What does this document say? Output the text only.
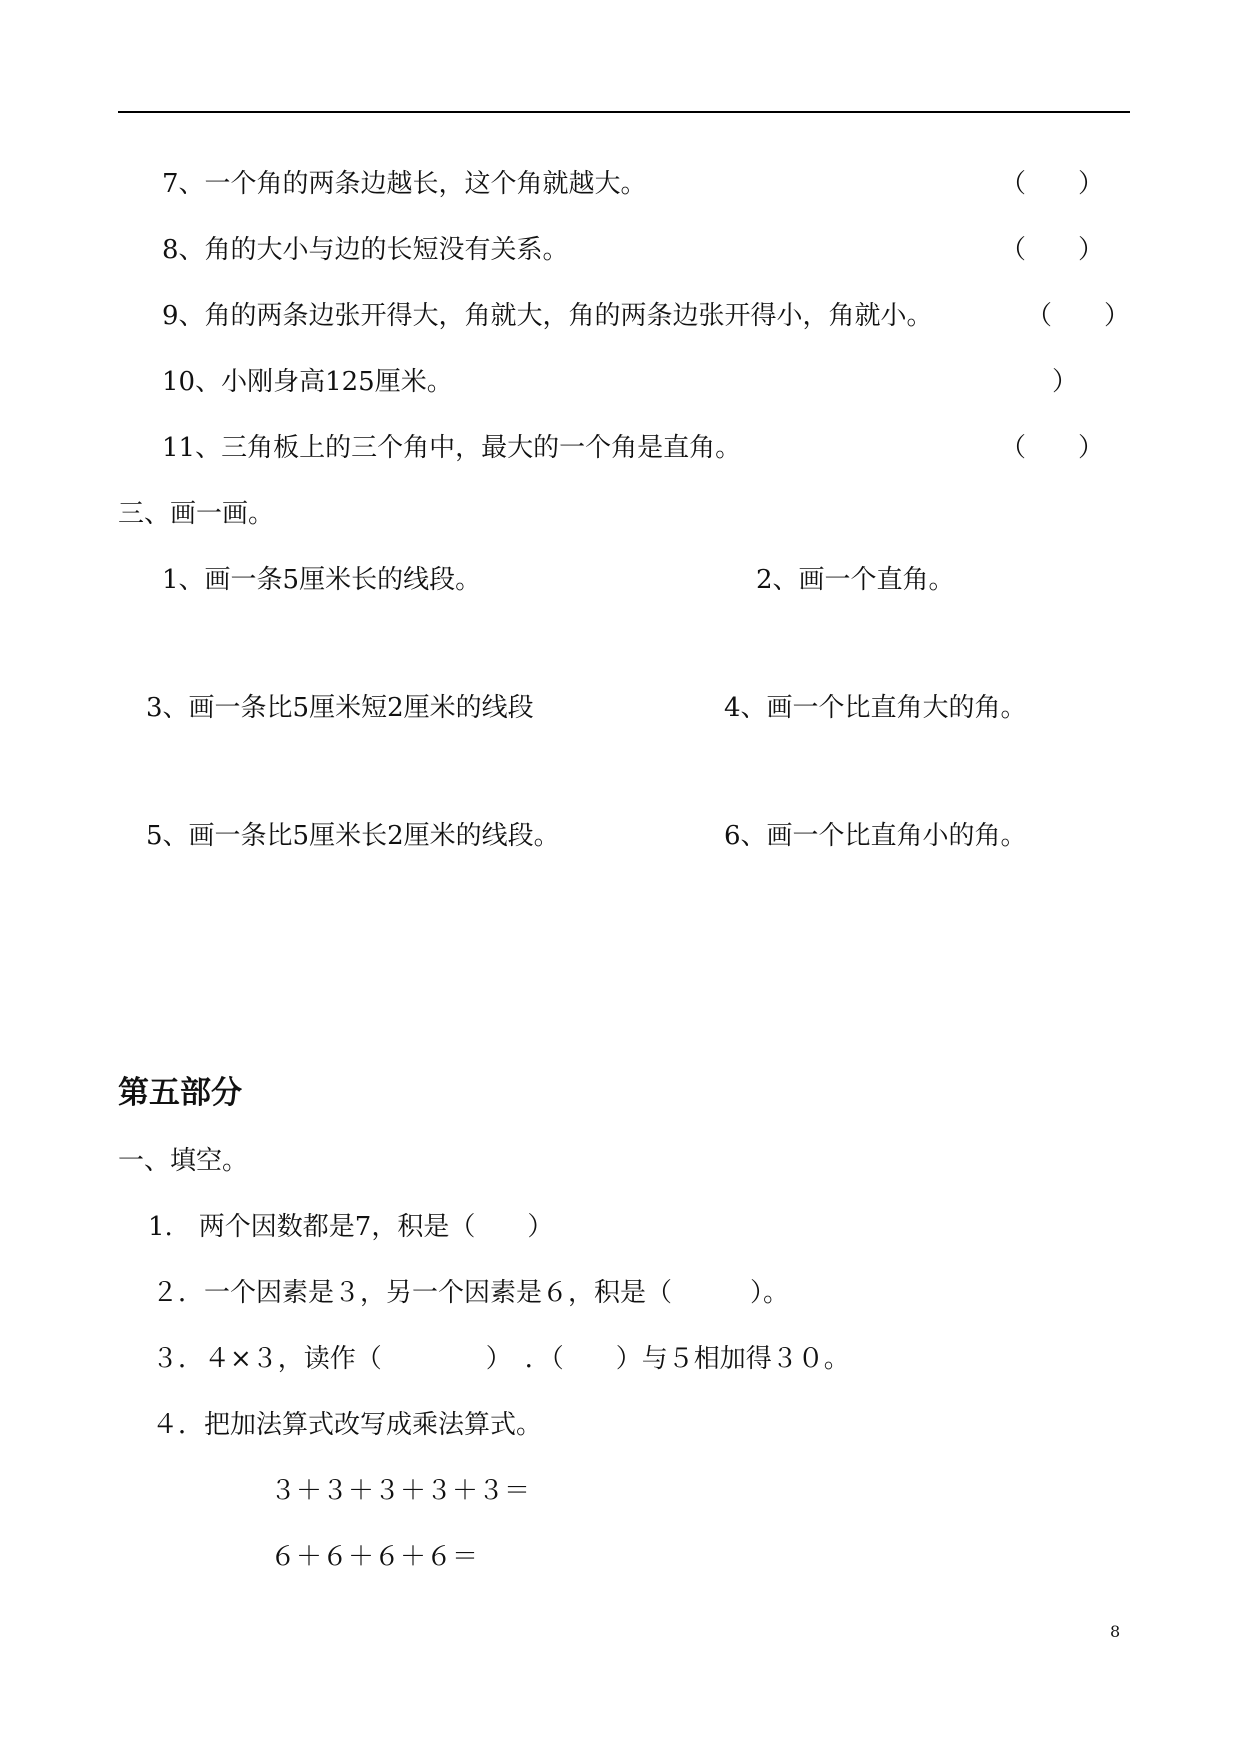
7、一个角的两条边越长，这个角就越大。	（　　）
8、角的大小与边的长短没有关系。	（　　）
9、角的两条边张开得大，角就大，角的两条边张开得小，角就小。	（　　）
10、小刚身高125厘米。	）
11、三角板上的三个角中，最大的一个角是直角。	（　　）
三、画一画。
1、画一条5厘米长的线段。	2、画一个直角。
3、画一条比5厘米短2厘米的线段	4、画一个比直角大的角。
5、画一条比5厘米长2厘米的线段。	6、画一个比直角小的角。
第五部分
一、填空。
1.　两个因数都是7，积是（　　）
２．一个因素是３，另一个因素是６，积是（　　　）。
３．４×３，读作（　　　　）　．（　　）与５相加得３０。
４．把加法算式改写成乘法算式。
３＋３＋３＋３＋３＝
６＋６＋６＋６＝
8
